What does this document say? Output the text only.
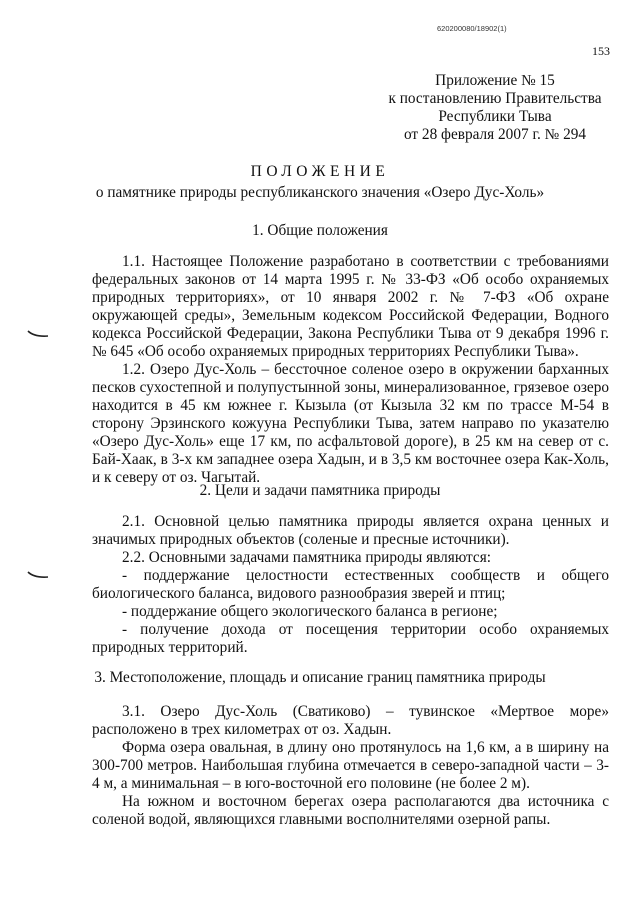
620200080/18902(1)
153
Приложение № 15
к постановлению Правительства
Республики Тыва
от 28 февраля 2007 г. № 294
ПОЛОЖЕНИЕ
о памятнике природы республиканского значения «Озеро Дус-Холь»
1. Общие положения

1.1. Настоящее Положение разработано в соответствии с требованиями федеральных законов от 14 марта 1995 г. № 33-ФЗ «Об особо охраняемых природных территориях», от 10 января 2002 г. № 7-ФЗ «Об охране окружающей среды», Земельным кодексом Российской Федерации, Водного кодекса Российской Федерации, Закона Республики Тыва от 9 декабря 1996 г. № 645 «Об особо охраняемых природных территориях Республики Тыва».

1.2. Озеро Дус-Холь – бессточное соленое озеро в окружении барханных песков сухостепной и полупустынной зоны, минерализованное, грязевое озеро находится в 45 км южнее г. Кызыла (от Кызыла 32 км по трассе М-54 в сторону Эрзинского кожууна Республики Тыва, затем направо по указателю «Озеро Дус-Холь» еще 17 км, по асфальтовой дороге), в 25 км на север от с. Бай-Хаак, в 3-х км западнее озера Хадын, и в 3,5 км восточнее озера Как-Холь, и к северу от оз. Чагытай.

2. Цели и задачи памятника природы

2.1. Основной целью памятника природы является охрана ценных и значимых природных объектов (соленые и пресные источники).

2.2. Основными задачами памятника природы являются:

- поддержание целостности естественных сообществ и общего биологического баланса, видового разнообразия зверей и птиц;

- поддержание общего экологического баланса в регионе;

- получение дохода от посещения территории особо охраняемых природных территорий.

3. Местоположение, площадь и описание границ памятника природы

3.1. Озеро Дус-Холь (Сватиково) – тувинское «Мертвое море» расположено в трех километрах от оз. Хадын.

Форма озера овальная, в длину оно протянулось на 1,6 км, а в ширину на 300-700 метров. Наибольшая глубина отмечается в северо-западной части – 3-4 м, а минимальная – в юго-восточной его половине (не более 2 м).

На южном и восточном берегах озера располагаются два источника с соленой водой, являющихся главными восполнителями озерной рапы.
